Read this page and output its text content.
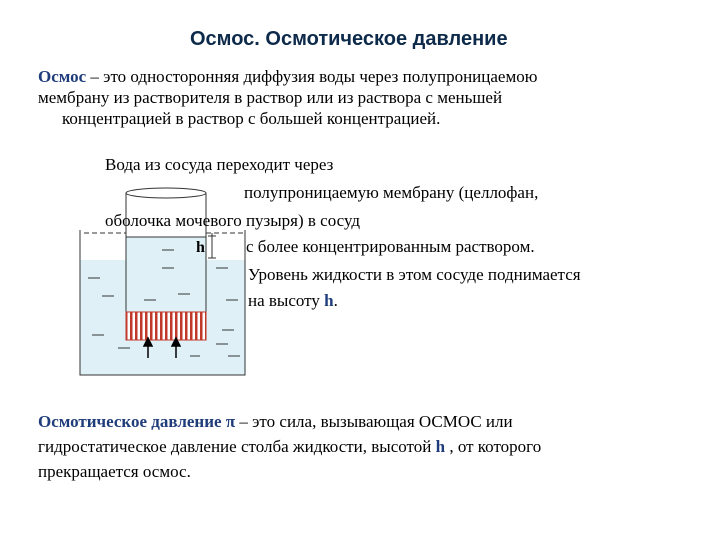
h
Осмос. Осмотическое давление
Осмос – это односторонняя диффузия воды через полупроницаемою
мембрану из растворителя в раствор или из раствора с меньшей
концентрацией в раствор с большей концентрацией.
Вода из сосуда переходит через
полупроницаемую мембрану (целлофан,
оболочка мочевого пузыря) в сосуд
с более концентрированным раствором.
Уровень жидкости в этом сосуде поднимается
на высоту h.
Осмотическое давление π – это сила, вызывающая ОСМОС или
гидростатическое давление столба жидкости, высотой h , от которого
прекращается осмос.
